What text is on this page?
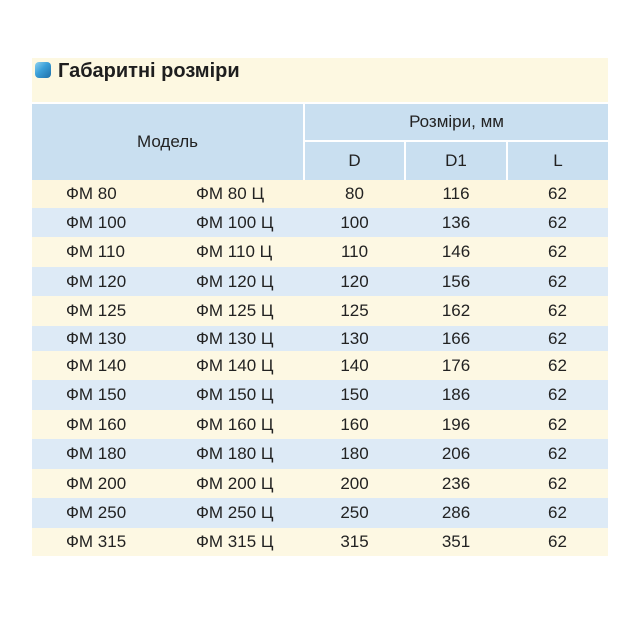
Габаритні розміри
Модель		Розміри, мм		
		D	D1	L
ФМ 80	ФМ 80 Ц	80	116	62
ФМ 100	ФМ 100 Ц	100	136	62
ФМ 110	ФМ 110 Ц	110	146	62
ФМ 120	ФМ 120 Ц	120	156	62
ФМ 125	ФМ 125 Ц	125	162	62
ФМ 130	ФМ 130 Ц	130	166	62
ФМ 140	ФМ 140 Ц	140	176	62
ФМ 150	ФМ 150 Ц	150	186	62
ФМ 160	ФМ 160 Ц	160	196	62
ФМ 180	ФМ 180 Ц	180	206	62
ФМ 200	ФМ 200 Ц	200	236	62
ФМ 250	ФМ 250 Ц	250	286	62
ФМ 315	ФМ 315 Ц	315	351	62
